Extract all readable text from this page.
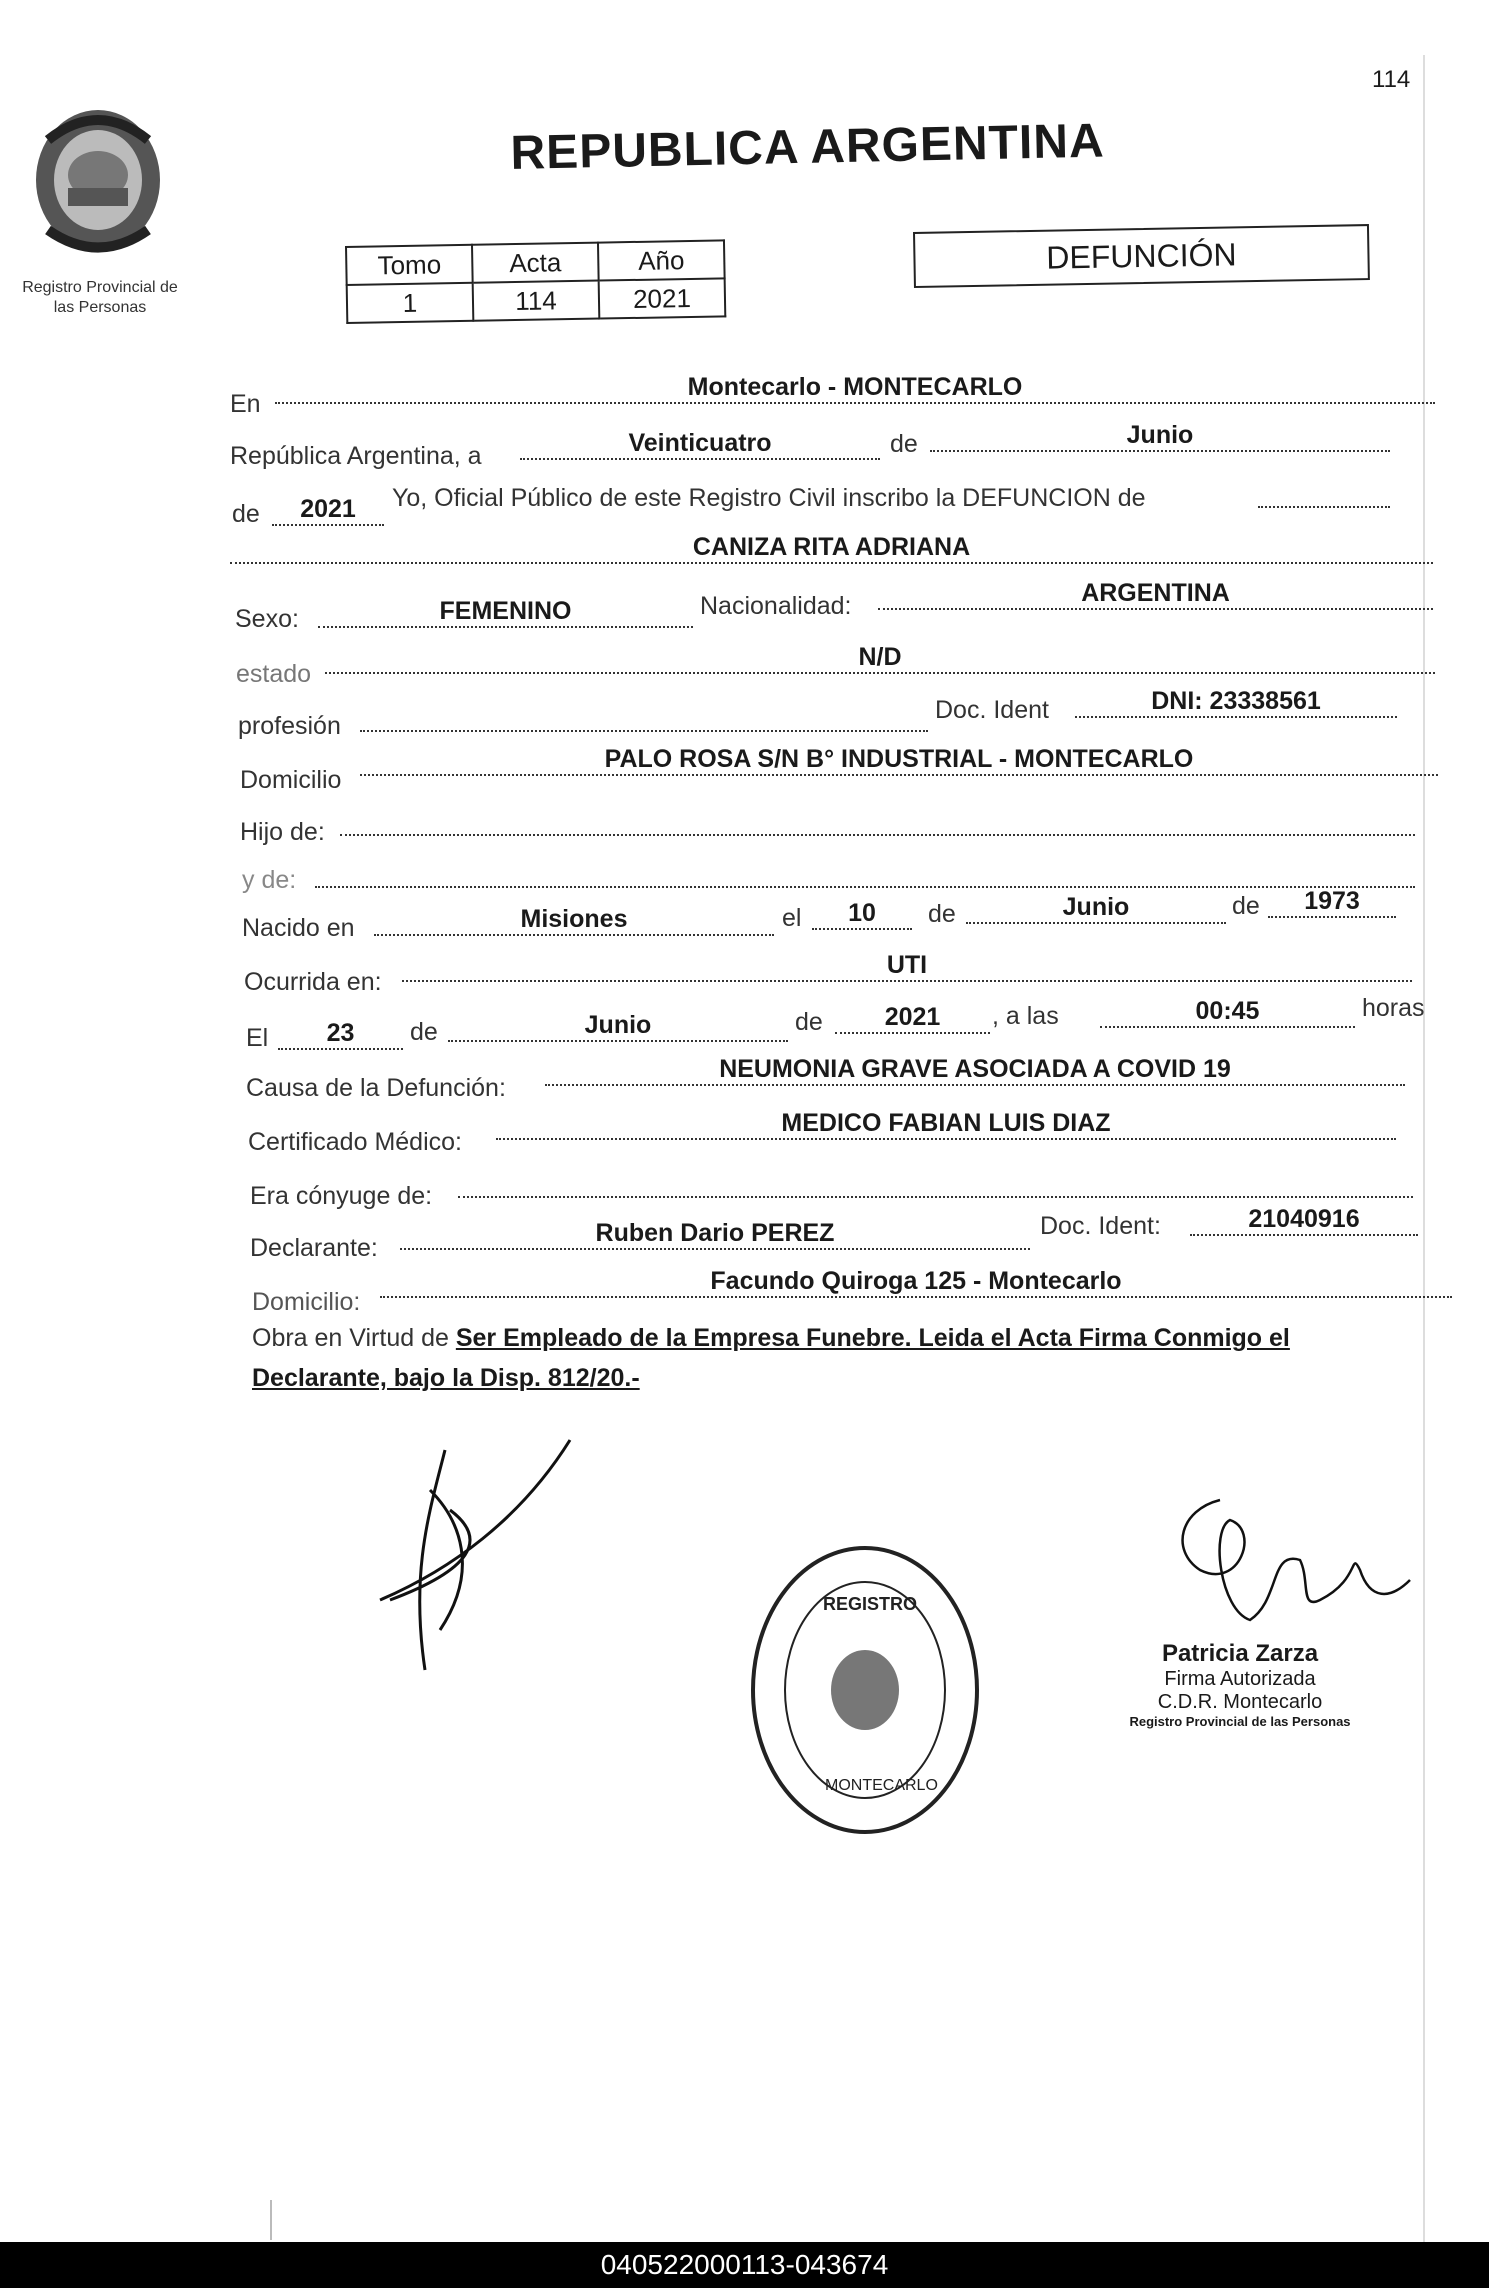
114
Registro Provincial de
las Personas
REPUBLICA ARGENTINA
Tomo	Acta	Año
1	114	2021
DEFUNCIÓN
En
Montecarlo - MONTECARLO
República Argentina, a	Veinticuatro	de	Junio
de	2021	Yo, Oficial Público de este Registro Civil inscribo la DEFUNCION de
CANIZA RITA ADRIANA
Sexo:	FEMENINO	Nacionalidad:	ARGENTINA
estado
N/D
profesión
Doc. Ident	DNI: 23338561
Domicilio
PALO ROSA S/N B° INDUSTRIAL - MONTECARLO
Hijo de:
y de:
Nacido en	Misiones	el	10	de	Junio	de	1973
Ocurrida en:
UTI
El	23	de	Junio	de	2021	, a las	00:45	horas
Causa de la Defunción:
NEUMONIA GRAVE ASOCIADA A COVID 19
Certificado Médico:
MEDICO FABIAN LUIS DIAZ
Era cónyuge de:
Declarante:
Ruben Dario PEREZ	Doc. Ident:	21040916
Domicilio:
Facundo Quiroga 125 - Montecarlo
Obra en Virtud de Ser Empleado de la Empresa Funebre. Leida el Acta Firma Conmigo el
Declarante, bajo la Disp. 812/20.-
REGISTRO
MONTECARLO
Patricia Zarza
Firma Autorizada
C.D.R. Montecarlo
Registro Provincial de las Personas
040522000113-043674
